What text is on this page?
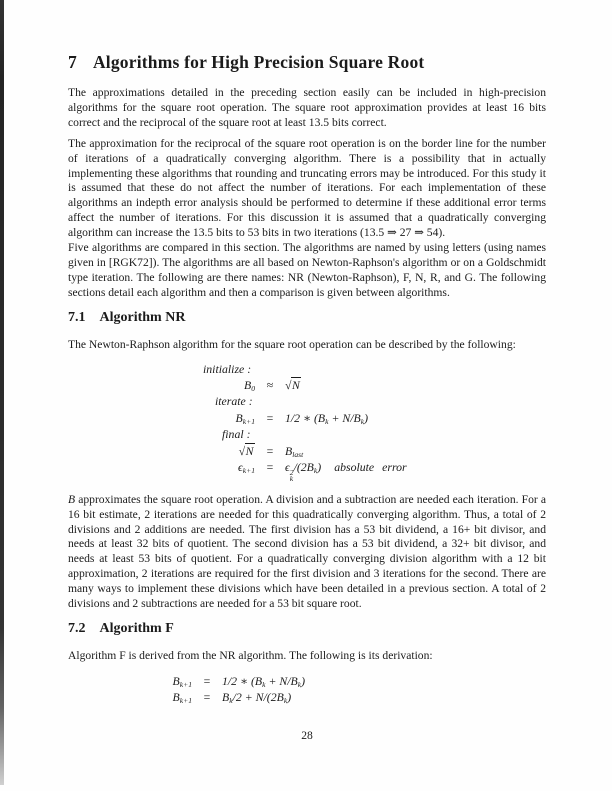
7 Algorithms for High Precision Square Root

The approximations detailed in the preceding section easily can be included in high-precision algorithms for the square root operation. The square root approximation provides at least 16 bits correct and the reciprocal of the square root at least 13.5 bits correct.

The approximation for the reciprocal of the square root operation is on the border line for the number of iterations of a quadratically converging algorithm. There is a possibility that in actually implementing these algorithms that rounding and truncating errors may be introduced. For this study it is assumed that these do not affect the number of iterations. For each implementation of these algorithms an indepth error analysis should be performed to determine if these additional error terms affect the number of iterations. For this discussion it is assumed that a quadratically converging algorithm can increase the 13.5 bits to 53 bits in two iterations (13.5 ⇒ 27 ⇒ 54).

Five algorithms are compared in this section. The algorithms are named by using letters (using names given in [RGK72]). The algorithms are all based on Newton-Raphson's algorithm or on a Goldschmidt type iteration. The following are there names: NR (Newton-Raphson), F, N, R, and G. The following sections detail each algorithm and then a comparison is given between algorithms.

7.1 Algorithm NR

The Newton-Raphson algorithm for the square root operation can be described by the following:

initialize :
$B_0 \approx √N$
iterate :
$B_{k+1} = 1/2$ ∗ $(B_k + N/B_k)$
final :
√N	= $B_{last}$
$\epsilon_{k+1} = \epsilon$ 2
k
$/(2B_k)$ absolute error

B approximates the square root operation. A division and a subtraction are needed each iteration. For a 16 bit estimate, 2 iterations are needed for this quadratically converging algorithm. Thus, a total of 2 divisions and 2 additions are needed. The first division has a 53 bit dividend, a 16+ bit divisor, and needs at least 32 bits of quotient. The second division has a 53 bit dividend, a 32+ bit divisor, and needs at least 53 bits of quotient. For a quadratically converging division algorithm with a 12 bit approximation, 2 iterations are required for the first division and 3 iterations for the second. There are many ways to implement these divisions which have been detailed in a previous section. A total of 2 divisions and 2 subtractions are needed for a 53 bit square root.

7.2 Algorithm F

Algorithm F is derived from the NR algorithm. The following is its derivation:

$B_{k+1} = 1/2$ ∗ $(B_k + N/B_k)$
$B_{k+1} = B_k/2 + N/(2B_k)$
28
